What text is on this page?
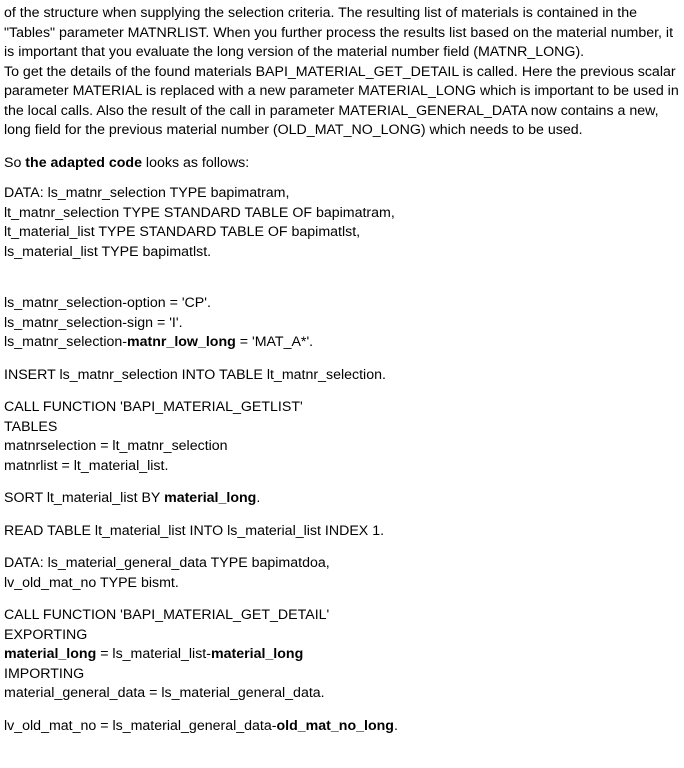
of the structure when supplying the selection criteria. The resulting list of materials is contained in the
"Tables" parameter MATNRLIST. When you further process the results list based on the material number, it
is important that you evaluate the long version of the material number field (MATNR_LONG).
To get the details of the found materials BAPI_MATERIAL_GET_DETAIL is called. Here the previous scalar
parameter MATERIAL is replaced with a new parameter MATERIAL_LONG which is important to be used in
the local calls. Also the result of the call in parameter MATERIAL_GENERAL_DATA now contains a new,
long field for the previous material number (OLD_MAT_NO_LONG) which needs to be used.
So the adapted code looks as follows:
DATA: ls_matnr_selection TYPE bapimatram,
lt_matnr_selection TYPE STANDARD TABLE OF bapimatram,
lt_material_list TYPE STANDARD TABLE OF bapimatlst,
ls_material_list TYPE bapimatlst.
ls_matnr_selection-option = 'CP'.
ls_matnr_selection-sign = 'I'.
ls_matnr_selection-matnr_low_long = 'MAT_A*'.
INSERT ls_matnr_selection INTO TABLE lt_matnr_selection.
CALL FUNCTION 'BAPI_MATERIAL_GETLIST'
TABLES
matnrselection = lt_matnr_selection
matnrlist = lt_material_list.
SORT lt_material_list BY material_long.
READ TABLE lt_material_list INTO ls_material_list INDEX 1.
DATA: ls_material_general_data TYPE bapimatdoa,
lv_old_mat_no TYPE bismt.
CALL FUNCTION 'BAPI_MATERIAL_GET_DETAIL'
EXPORTING
material_long = ls_material_list-material_long
IMPORTING
material_general_data = ls_material_general_data.
lv_old_mat_no = ls_material_general_data-old_mat_no_long.
